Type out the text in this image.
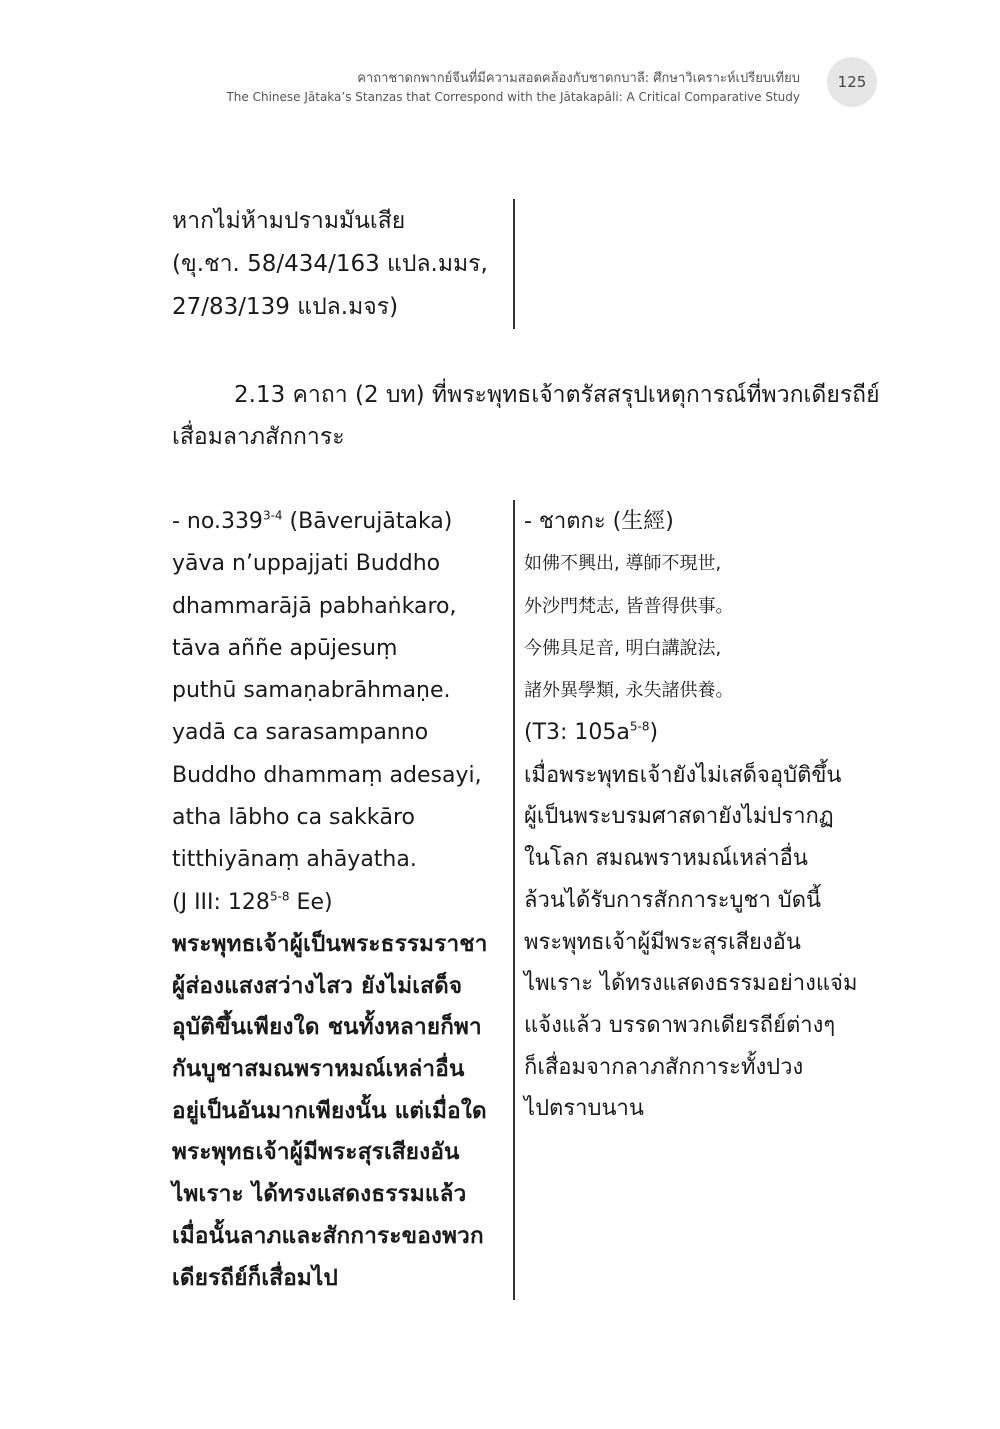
คาถาชาดกพากย์จีนที่มีความสอดคล้องกับชาดกบาลี: ศึกษาวิเคราะห์เปรียบเทียบ
The Chinese Jātaka’s Stanzas that Correspond with the Jātakapāli: A Critical Comparative Study
125
หากไม่ห้ามปรามมันเสีย
(ขุ.ชา. 58/434/163 แปล.มมร,
27/83/139 แปล.มจร)
2.13 คาถา (2 บท) ที่พระพุทธเจ้าตรัสสรุปเหตุการณ์ที่พวกเดียรถีย์
เสื่อมลาภสักการะ
- no.339$^{3-4}$ (Bāverujātaka)
yāva n’uppajjati Buddho
dhammarājā pabhaṅkaro,
tāva aññe apūjesuṃ
puthū samaṇabrāhmaṇe.
yadā ca sarasampanno
Buddho dhammaṃ adesayi,
atha lābho ca sakkāro
titthiyānaṃ ahāyatha.
(J III: 128$^{5-8}$ Ee)
พระพุทธเจ้าผู้เป็นพระธรรมราชา
ผู้ส่องแสงสว่างไสว ยังไม่เสด็จ
อุบัติขึ้นเพียงใด ชนทั้งหลายก็พา
กันบูชาสมณพราหมณ์เหล่าอื่น
อยู่เป็นอันมากเพียงนั้น แต่เมื่อใด
พระพุทธเจ้าผู้มีพระสุรเสียงอัน
ไพเราะ ได้ทรงแสดงธรรมแล้ว
เมื่อนั้นลาภและสักการะของพวก
เดียรถีย์ก็เสื่อมไป
- ชาตกะ (生經)
如佛不興出, 導師不現世,
外沙門梵志, 皆普得供事。
今佛具足音, 明白講說法,
諸外異學類, 永失諸供養。
(T3: $105a^{5-8}$)
เมื่อพระพุทธเจ้ายังไม่เสด็จอุบัติขึ้น
ผู้เป็นพระบรมศาสดายังไม่ปรากฏ
ในโลก สมณพราหมณ์เหล่าอื่น
ล้วนได้รับการสักการะบูชา บัดนี้
พระพุทธเจ้าผู้มีพระสุรเสียงอัน
ไพเราะ ได้ทรงแสดงธรรมอย่างแจ่ม
แจ้งแล้ว บรรดาพวกเดียรถีย์ต่างๆ
ก็เสื่อมจากลาภสักการะทั้งปวง
ไปตราบนาน
